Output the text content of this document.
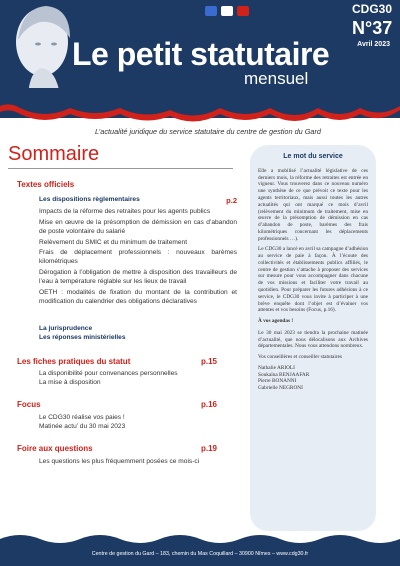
CDG30
N°37
Avril 2023
Le petit statutaire
mensuel
L’actualité juridique du service statutaire du centre de gestion du Gard
Sommaire
Textes officiels
Les dispositions règlementaires	p.2
Impacts de la réforme des retraites pour les agents publics
Mise en œuvre de la présomption de démission en cas d’abandon de poste volontaire du salarié
Relèvement du SMIC et du minimum de traitement
Frais de déplacement professionnels : nouveaux barèmes kilométriques
Dérogation à l’obligation de mettre à disposition des travailleurs de l’eau à température réglable sur les lieux de travail
OETH : modalités de fixation du montant de la contribution et modification du calendrier des obligations déclaratives
La jurisprudence
Les réponses ministérielles
Les fiches pratiques du statut	p.15
La disponibilité pour convenances personnelles
La mise à disposition
Focus	p.16
Le CDG30 réalise vos paies !
Matinée actu’ du 30 mai 2023
Foire aux questions	p.19
Les questions les plus fréquemment posées ce mois-ci
Le mot du service

Elle a mobilisé l’actualité législative de ces derniers mois, la réforme des retraites est entrée en vigueur. Vous trouverez dans ce nouveau numéro une synthèse de ce que prévoit ce texte pour les agents territoriaux, mais aussi toutes les autres actualités qui ont marqué ce mois d’avril (relèvement du minimum de traitement, mise en œuvre de la présomption de démission en cas d’abandon de poste, barèmes des frais kilométriques concernant les déplacements professionnels …).

Le CDG30 a lancé en avril sa campagne d’adhésion au service de paie à façon. À l’écoute des collectivités et établissements publics affiliés, le centre de gestion s’attache à proposer des services sur mesure pour vous accompagner dans chacune de vos missions et faciliter votre travail au quotidien. Pour préparer les futures adhésions à ce service, le CDG30 vous invite à participer à une brève enquête dont l’objet est d’évaluer vos attentes et vos besoins (Focus, p.16).

À vos agendas !

Le 30 mai 2023 se tiendra la prochaine matinée d’actualité, que nous délocalisons aux Archives départementales. Nous vous attendons nombreux.

Vos conseillères et conseiller statutaires

Nathalie ARIOLI
Soukaïna BENJAAFAR
Pierre BONANNI
Gabrielle NEGRONI
Centre de gestion du Gard – 183, chemin du Mas Coquillard – 30900 Nîmes – www.cdg30.fr
